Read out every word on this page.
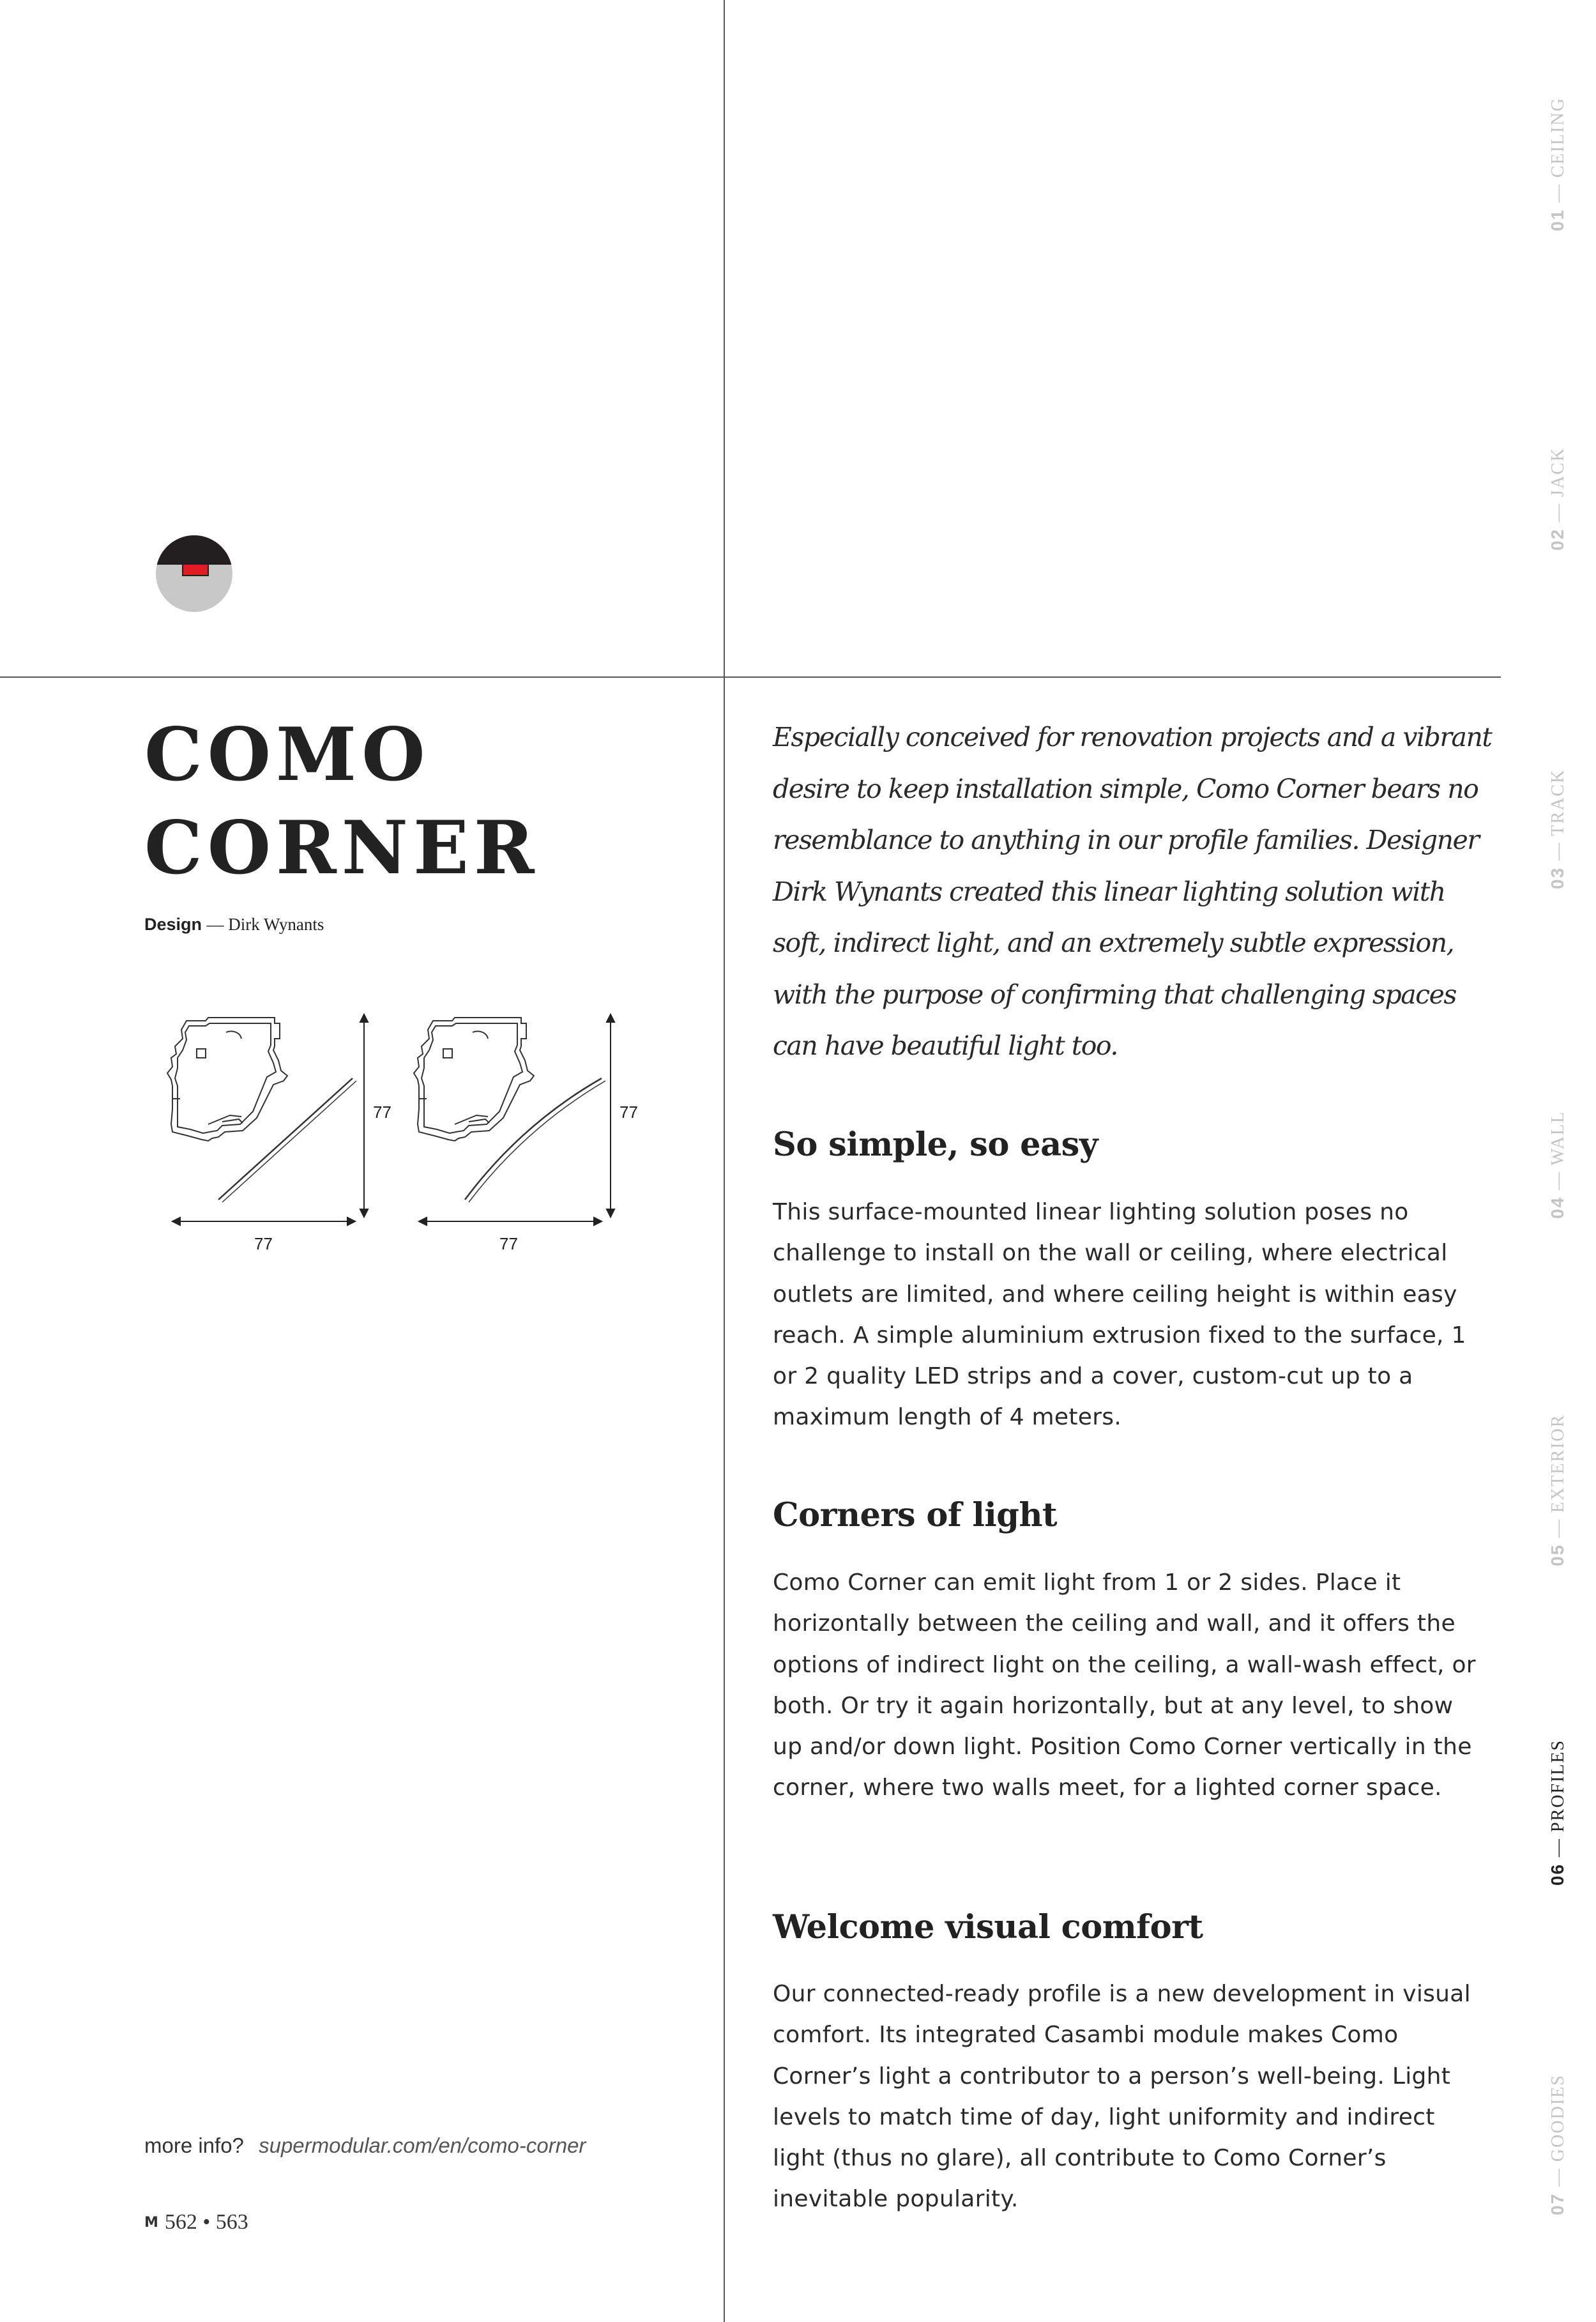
COMO
CORNER
Design — Dirk Wynants
77
77
77
77
more info? supermodular.com/en/como-corner
M 562 • 563

Especially conceived for renovation projects and a vibrant desire to keep installation simple, Como Corner bears no resemblance to anything in our profile families. Designer Dirk Wynants created this linear lighting solution with soft, indirect light, and an extremely subtle expression, with the purpose of confirming that challenging spaces can have beautiful light too.

So simple, so easy

This surface-mounted linear lighting solution poses no challenge to install on the wall or ceiling, where electrical outlets are limited, and where ceiling height is within easy reach. A simple aluminium extrusion fixed to the surface, 1 or 2 quality LED strips and a cover, custom-cut up to a maximum length of 4 meters.

Corners of light

Como Corner can emit light from 1 or 2 sides. Place it horizontally between the ceiling and wall, and it offers the options of indirect light on the ceiling, a wall-wash effect, or both. Or try it again horizontally, but at any level, to show up and/or down light. Position Como Corner vertically in the corner, where two walls meet, for a lighted corner space.

Welcome visual comfort

Our connected-ready profile is a new development in visual comfort. Its integrated Casambi module makes Como Corner’s light a contributor to a person’s well-being. Light levels to match time of day, light uniformity and indirect light (thus no glare), all contribute to Como Corner’s inevitable popularity.

01 — CEILING
02 — JACK
03 — TRACK
04 — WALL
05 — EXTERIOR
06 — PROFILES
07 — GOODIES
